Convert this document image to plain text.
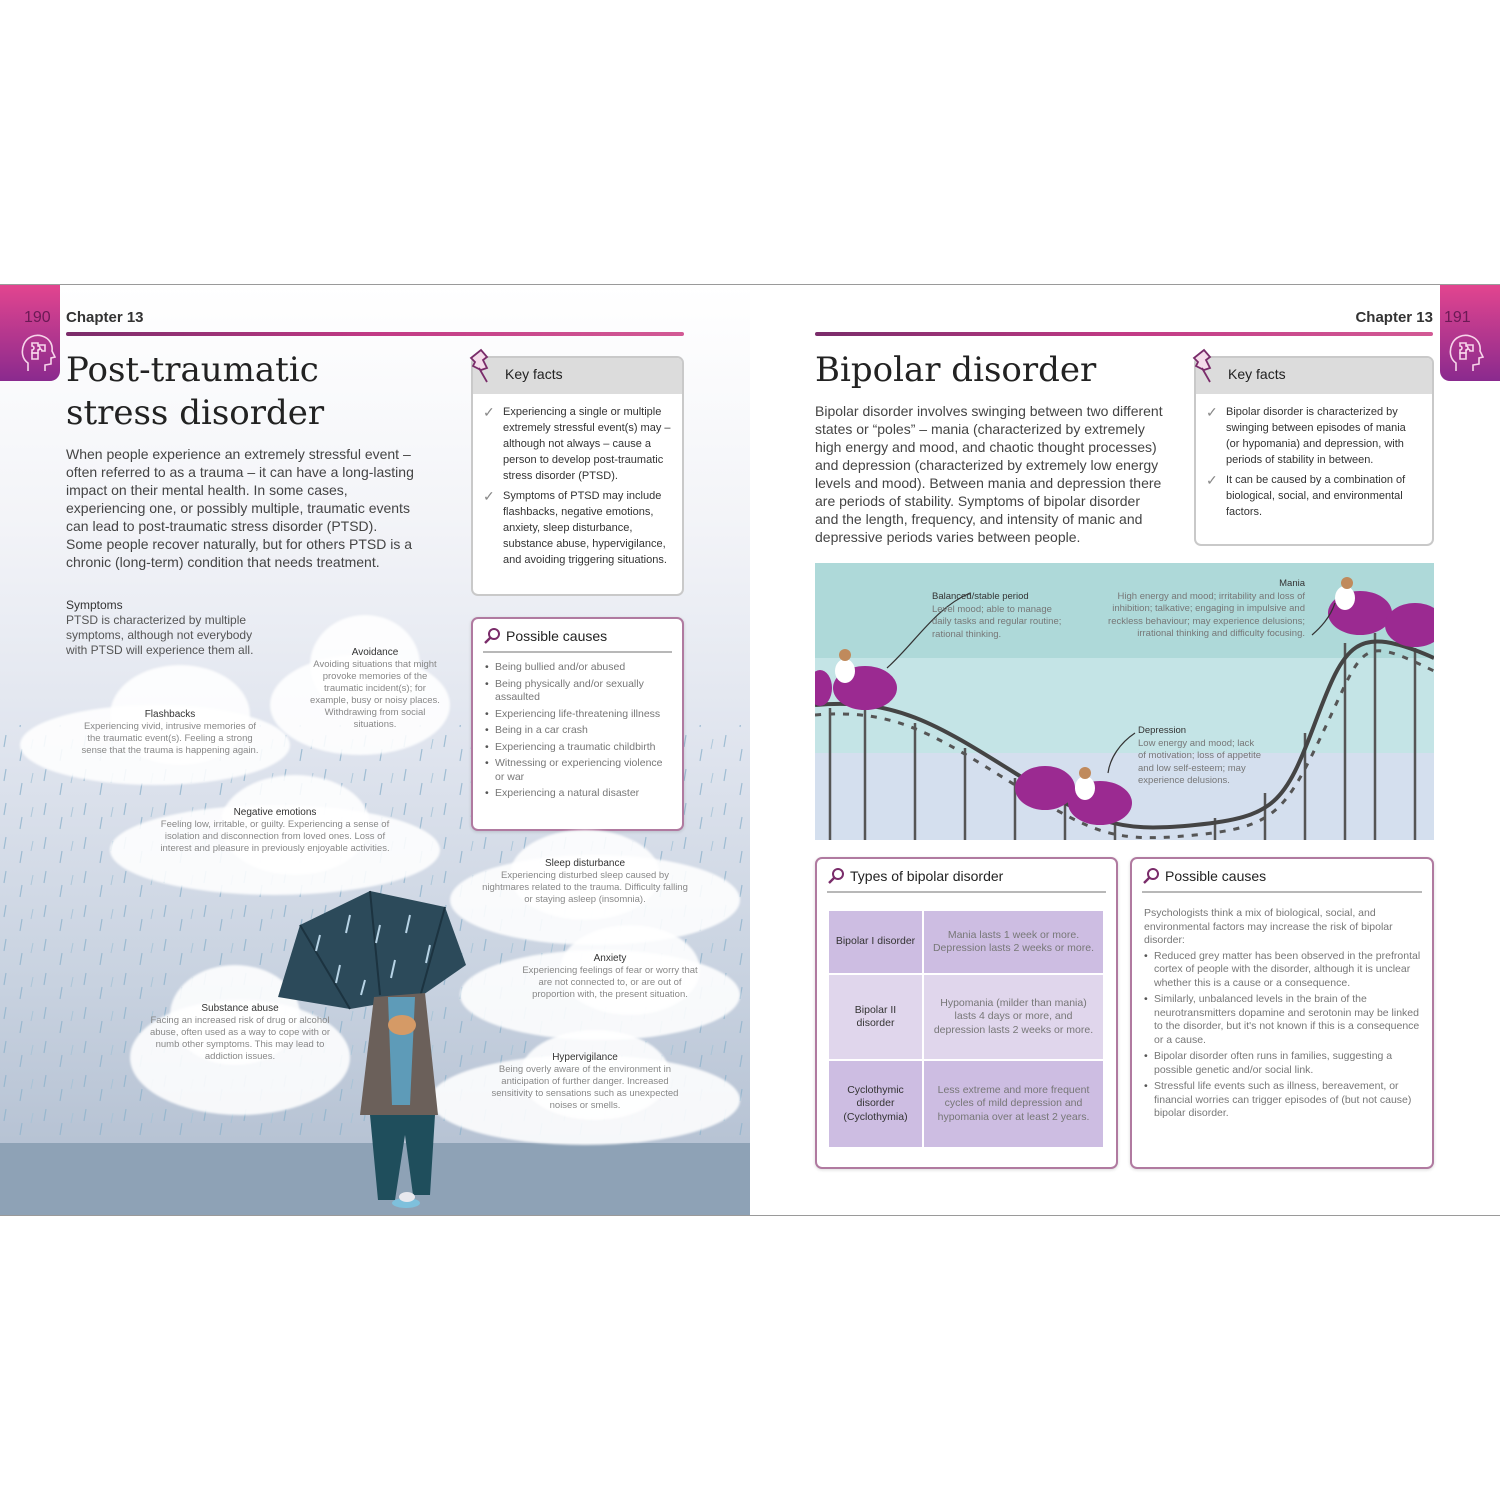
190 Chapter 13
Post-traumatic
stress disorder

When people experience an extremely stressful event – often referred to as a trauma – it can have a long-lasting impact on their mental health. In some cases, experiencing one, or possibly multiple, traumatic events can lead to post-traumatic stress disorder (PTSD). Some people recover naturally, but for others PTSD is a chronic (long-term) condition that needs treatment.

Key facts
✓ Experiencing a single or multiple extremely stressful event(s) may – although not always – cause a person to develop post-traumatic stress disorder (PTSD).
✓ Symptoms of PTSD may include flashbacks, negative emotions, anxiety, sleep disturbance, substance abuse, hypervigilance, and avoiding triggering situations.
Possible causes
• Being bullied and/or abused
• Being physically and/or sexually assaulted
• Experiencing life-threatening illness
• Being in a car crash
• Experiencing a traumatic childbirth
• Witnessing or experiencing violence or war
• Experiencing a natural disaster
Symptoms
PTSD is characterized by multiple symptoms, although not everybody with PTSD will experience them all.	Avoidance
Avoiding situations that might provoke memories of the traumatic incident(s); for example, busy or noisy places. Withdrawing from social situations.
Flashbacks
Experiencing vivid, intrusive memories of the traumatic event(s). Feeling a strong sense that the trauma is happening again.
Negative emotions
Feeling low, irritable, or guilty. Experiencing a sense of isolation and disconnection from loved ones. Loss of interest and pleasure in previously enjoyable activities.
Sleep disturbance
Experiencing disturbed sleep caused by nightmares related to the trauma. Difficulty falling or staying asleep (insomnia).
Anxiety
Experiencing feelings of fear or worry that are not connected to, or are out of proportion with, the present situation.
Substance abuse
Facing an increased risk of drug or alcohol abuse, often used as a way to cope with or numb other symptoms. This may lead to addiction issues.	Hypervigilance
Being overly aware of the environment in anticipation of further danger. Increased sensitivity to sensations such as unexpected noises or smells.
191
Chapter 13
Bipolar disorder

Bipolar disorder involves swinging between two different states or “poles” – mania (characterized by extremely high energy and mood, and chaotic thought processes) and depression (characterized by extremely low energy levels and mood). Between mania and depression there are periods of stability. Symptoms of bipolar disorder and the length, frequency, and intensity of manic and depressive periods varies between people.

Key facts
✓ Bipolar disorder is characterized by swinging between episodes of mania (or hypomania) and depression, with periods of stability in between.
✓ It can be caused by a combination of biological, social, and environmental factors.
Balanced/stable period
Level mood; able to manage daily tasks and regular routine; rational thinking.
Mania
High energy and mood; irritability and loss of inhibition; talkative; engaging in impulsive and reckless behaviour; may experience delusions; irrational thinking and difficulty focusing.
Depression
Low energy and mood; lack of motivation; loss of appetite and low self-esteem; may experience delusions.
Types of bipolar disorder
Bipolar I disorder	Mania lasts 1 week or more. Depression lasts 2 weeks or more.
Bipolar II disorder	Hypomania (milder than mania) lasts 4 days or more, and depression lasts 2 weeks or more.
Cyclothymic disorder (Cyclothymia)	Less extreme and more frequent cycles of mild depression and hypomania over at least 2 years.
Possible causes
Psychologists think a mix of biological, social, and environmental factors may increase the risk of bipolar disorder:
• Reduced grey matter has been observed in the prefrontal cortex of people with the disorder, although it is unclear whether this is a cause or a consequence.
• Similarly, unbalanced levels in the brain of the neurotransmitters dopamine and serotonin may be linked to the disorder, but it's not known if this is a consequence or a cause.
• Bipolar disorder often runs in families, suggesting a possible genetic and/or social link.
• Stressful life events such as illness, bereavement, or financial worries can trigger episodes of (but not cause) bipolar disorder.
